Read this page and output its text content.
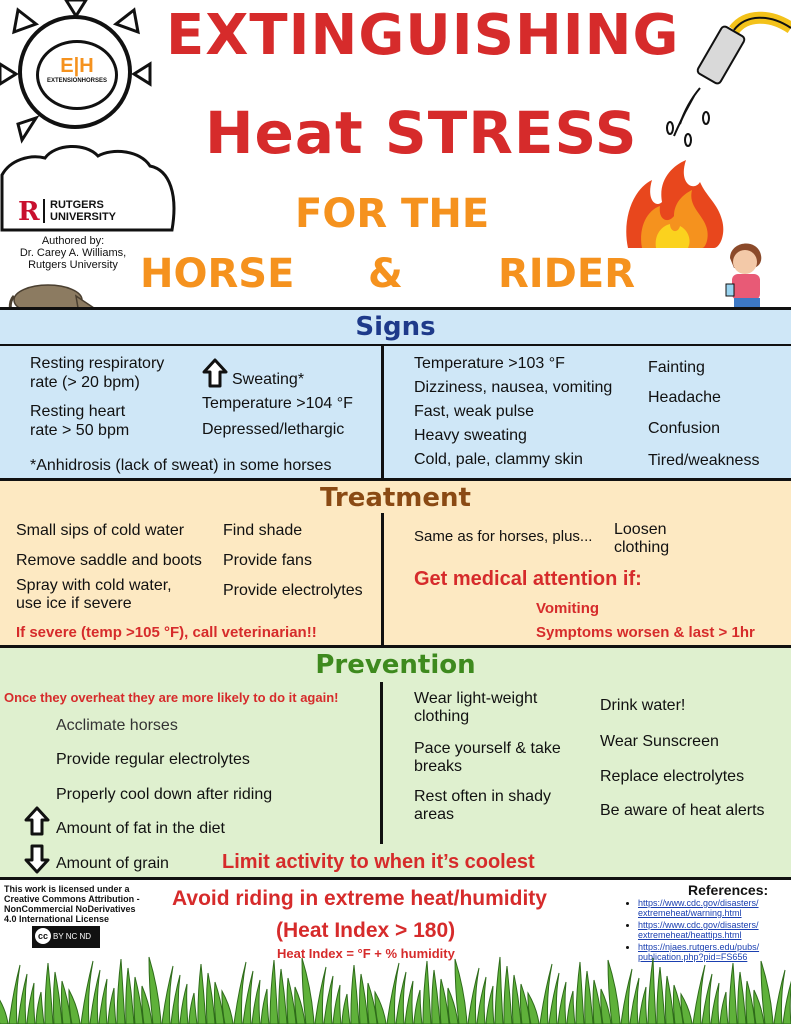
E|H
EXTENSIONHORSES
R RUTGERS
UNIVERSITY
Authored by:
Dr. Carey A. Williams,
Rutgers University
EXTINGUISHING
Heat STRESS
FOR THE
HORSE & RIDER
Signs
Resting respiratory
rate (> 20 bpm)
Resting heart
rate > 50 bpm
Sweating*
Temperature >104 °F
Depressed/lethargic
*Anhidrosis (lack of sweat) in some horses
Temperature >103 °F
Dizziness, nausea, vomiting
Fast, weak pulse
Heavy sweating
Cold, pale, clammy skin
Fainting
Headache
Confusion
Tired/weakness
Treatment
Small sips of cold water
Remove saddle and boots
Spray with cold water,
use ice if severe
Find shade
Provide fans
Provide electrolytes
If severe (temp >105 °F), call veterinarian!!
Same as for horses, plus... Loosen
clothing
Get medical attention if:
Vomiting
Symptoms worsen & last > 1hr
Prevention
Once they overheat they are more likely to do it again!
Acclimate horses
Provide regular electrolytes
Properly cool down after riding
Amount of fat in the diet
Amount of grain	Limit activity to when it’s coolest
Wear light-weight
clothing
Pace yourself & take
breaks
Rest often in shady
areas
Drink water!
Wear Sunscreen
Replace electrolytes
Be aware of heat alerts
This work is licensed under a
Creative Commons Attribution -
NonCommercial NoDerivatives
4.0 International License
cc BY NC ND
Avoid riding in extreme heat/humidity
(Heat Index > 180)
Heat Index = °F + % humidity
References:
• https://www.cdc.gov/disasters/
extremeheat/warning.html
• https://www.cdc.gov/disasters/
extremeheat/heattips.html
• https://njaes.rutgers.edu/pubs/
publication.php?pid=FS656
